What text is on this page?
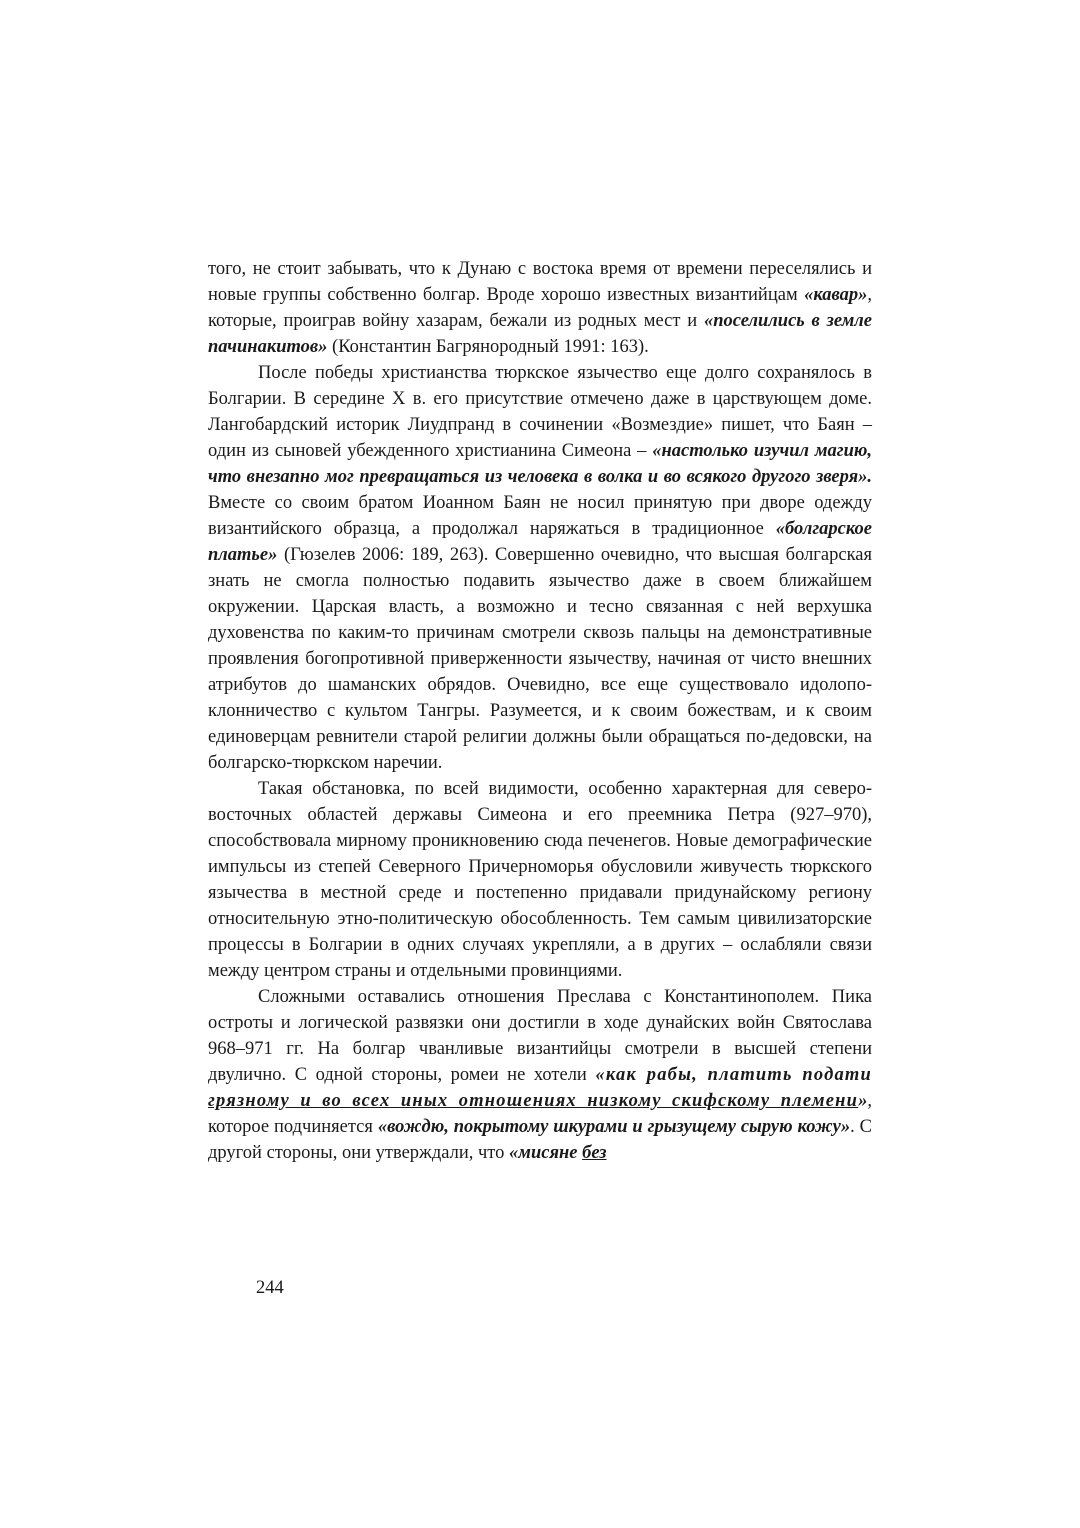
того, не стоит забывать, что к Дунаю с востока время от времени переселялись и новые группы собственно болгар. Вроде хорошо известных византийцам «кавар», которые, проиграв войну хазарам, бежали из родных мест и «поселились в земле пачинакитов» (Константин Багрянородный 1991: 163).

После победы христианства тюркское язычество еще долго сохранялось в Болгарии. В середине X в. его присутствие отмечено даже в царствующем доме. Лангобардский историк Лиудпранд в сочинении «Возмездие» пишет, что Баян – один из сыновей убежденного христианина Симеона – «настолько изучил магию, что внезапно мог превращаться из человека в волка и во всякого другого зверя». Вместе со своим братом Иоанном Баян не носил принятую при дворе одежду византийского образца, а продолжал наряжаться в традиционное «болгарское платье» (Гюзелев 2006: 189, 263). Совершенно очевидно, что высшая болгарская знать не смогла полностью подавить язычество даже в своем ближайшем окружении. Царская власть, а возможно и тесно связанная с ней верхушка духовенства по каким-то причинам смотрели сквозь пальцы на демонстративные проявления богопротивной приверженности язычеству, начиная от чисто внешних атрибутов до шаманских обрядов. Очевидно, все еще существовало идолопоклонничество с культом Тангры. Разумеется, и к своим божествам, и к своим единоверцам ревнители старой религии должны были обращаться по-дедовски, на болгарско-тюркском наречии.

Такая обстановка, по всей видимости, особенно характерная для северо-восточных областей державы Симеона и его преемника Петра (927–970), способствовала мирному проникновению сюда печенегов. Новые демографические импульсы из степей Северного Причерноморья обусловили живучесть тюркского язычества в местной среде и постепенно придавали придунайскому региону относительную этно-политическую обособленность. Тем самым цивилизаторские процессы в Болгарии в одних случаях укрепляли, а в других – ослабляли связи между центром страны и отдельными провинциями.

Сложными оставались отношения Преслава с Константинополем. Пика остроты и логической развязки они достигли в ходе дунайских войн Святослава 968–971 гг. На болгар чванливые византийцы смотрели в высшей степени двулично. С одной стороны, ромеи не хотели «как рабы, платить подати грязному и во всех иных отношениях низкому скифскому племени», которое подчиняется «вождю, покрытому шкурами и грызущему сырую кожу». С другой стороны, они утверждали, что «мисяне без

244
